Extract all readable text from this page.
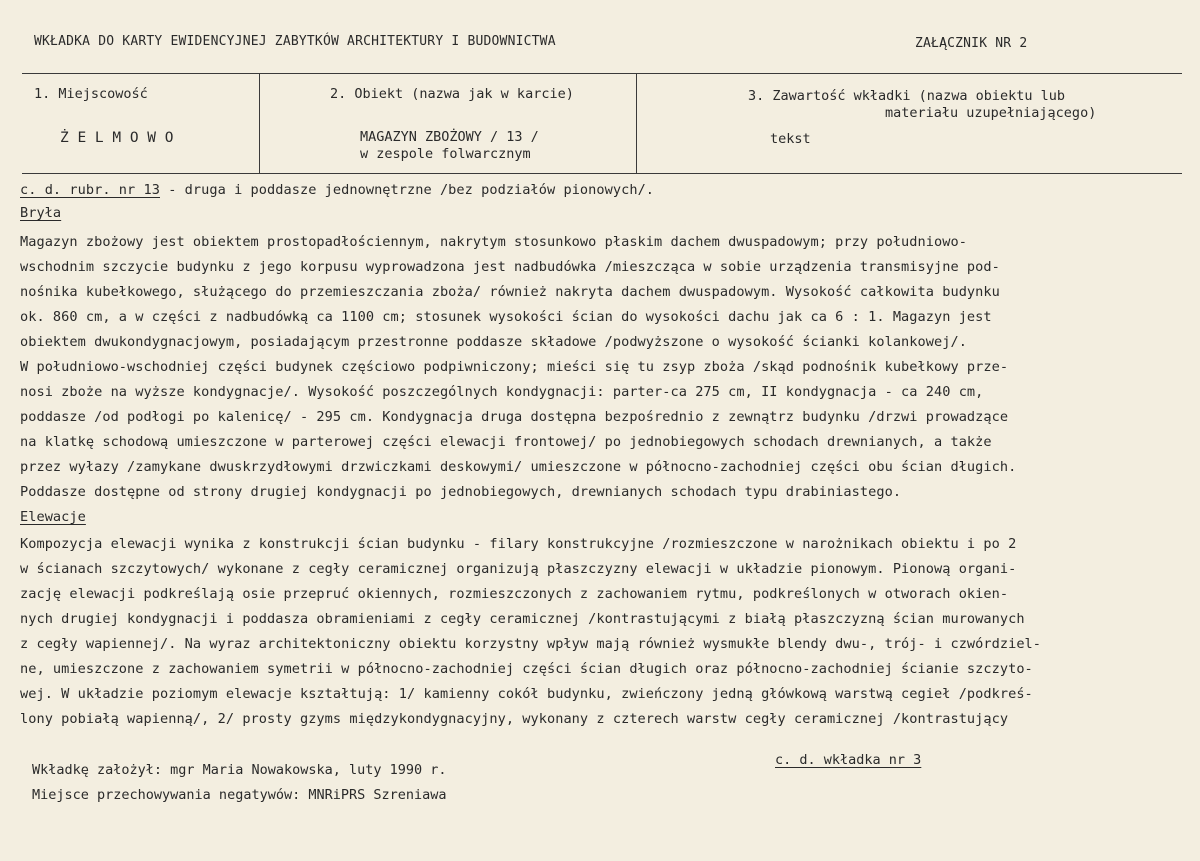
WKŁADKA DO KARTY EWIDENCYJNEJ ZABYTKÓW ARCHITEKTURY I BUDOWNICTWA	ZAŁĄCZNIK NR 2
1. Miejscowość
Ż E L M O W O
2. Obiekt (nazwa jak w karcie)
MAGAZYN ZBOŻOWY / 13 /
w zespole folwarcznym
3. Zawartość wkładki (nazwa obiektu lub
materiału uzupełniającego)
tekst
c. d. rubr. nr 13 - druga i poddasze jednownętrzne /bez podziałów pionowych/.
Bryła
Magazyn zbożowy jest obiektem prostopadłościennym, nakrytym stosunkowo płaskim dachem dwuspadowym; przy południowo-
wschodnim szczycie budynku z jego korpusu wyprowadzona jest nadbudówka /mieszcząca w sobie urządzenia transmisyjne pod-
nośnika kubełkowego, służącego do przemieszczania zboża/ również nakryta dachem dwuspadowym. Wysokość całkowita budynku
ok. 860 cm, a w części z nadbudówką ca 1100 cm; stosunek wysokości ścian do wysokości dachu jak ca 6 : 1. Magazyn jest
obiektem dwukondygnacjowym, posiadającym przestronne poddasze składowe /podwyższone o wysokość ścianki kolankowej/.
W południowo-wschodniej części budynek częściowo podpiwniczony; mieści się tu zsyp zboża /skąd podnośnik kubełkowy prze-
nosi zboże na wyższe kondygnacje/. Wysokość poszczególnych kondygnacji: parter-ca 275 cm, II kondygnacja - ca 240 cm,
poddasze /od podłogi po kalenicę/ - 295 cm. Kondygnacja druga dostępna bezpośrednio z zewnątrz budynku /drzwi prowadzące
na klatkę schodową umieszczone w parterowej części elewacji frontowej/ po jednobiegowych schodach drewnianych, a także
przez wyłazy /zamykane dwuskrzydłowymi drzwiczkami deskowymi/ umieszczone w północno-zachodniej części obu ścian długich.
Poddasze dostępne od strony drugiej kondygnacji po jednobiegowych, drewnianych schodach typu drabiniastego.
Elewacje
Kompozycja elewacji wynika z konstrukcji ścian budynku - filary konstrukcyjne /rozmieszczone w narożnikach obiektu i po 2
w ścianach szczytowych/ wykonane z cegły ceramicznej organizują płaszczyzny elewacji w układzie pionowym. Pionową organi-
zację elewacji podkreślają osie przepruć okiennych, rozmieszczonych z zachowaniem rytmu, podkreślonych w otworach okien-
nych drugiej kondygnacji i poddasza obramieniami z cegły ceramicznej /kontrastującymi z białą płaszczyzną ścian murowanych
z cegły wapiennej/. Na wyraz architektoniczny obiektu korzystny wpływ mają również wysmukłe blendy dwu-, trój- i czwórdziel-
ne, umieszczone z zachowaniem symetrii w północno-zachodniej części ścian długich oraz północno-zachodniej ścianie szczyto-
wej. W układzie poziomym elewacje kształtują: 1/ kamienny cokół budynku, zwieńczony jedną główkową warstwą cegieł /podkreś-
lony pobiałą wapienną/, 2/ prosty gzyms międzykondygnacyjny, wykonany z czterech warstw cegły ceramicznej /kontrastujący
c. d. wkładka nr 3
Wkładkę założył: mgr Maria Nowakowska, luty 1990 r.
Miejsce przechowywania negatywów: MNRiPRS Szreniawa
